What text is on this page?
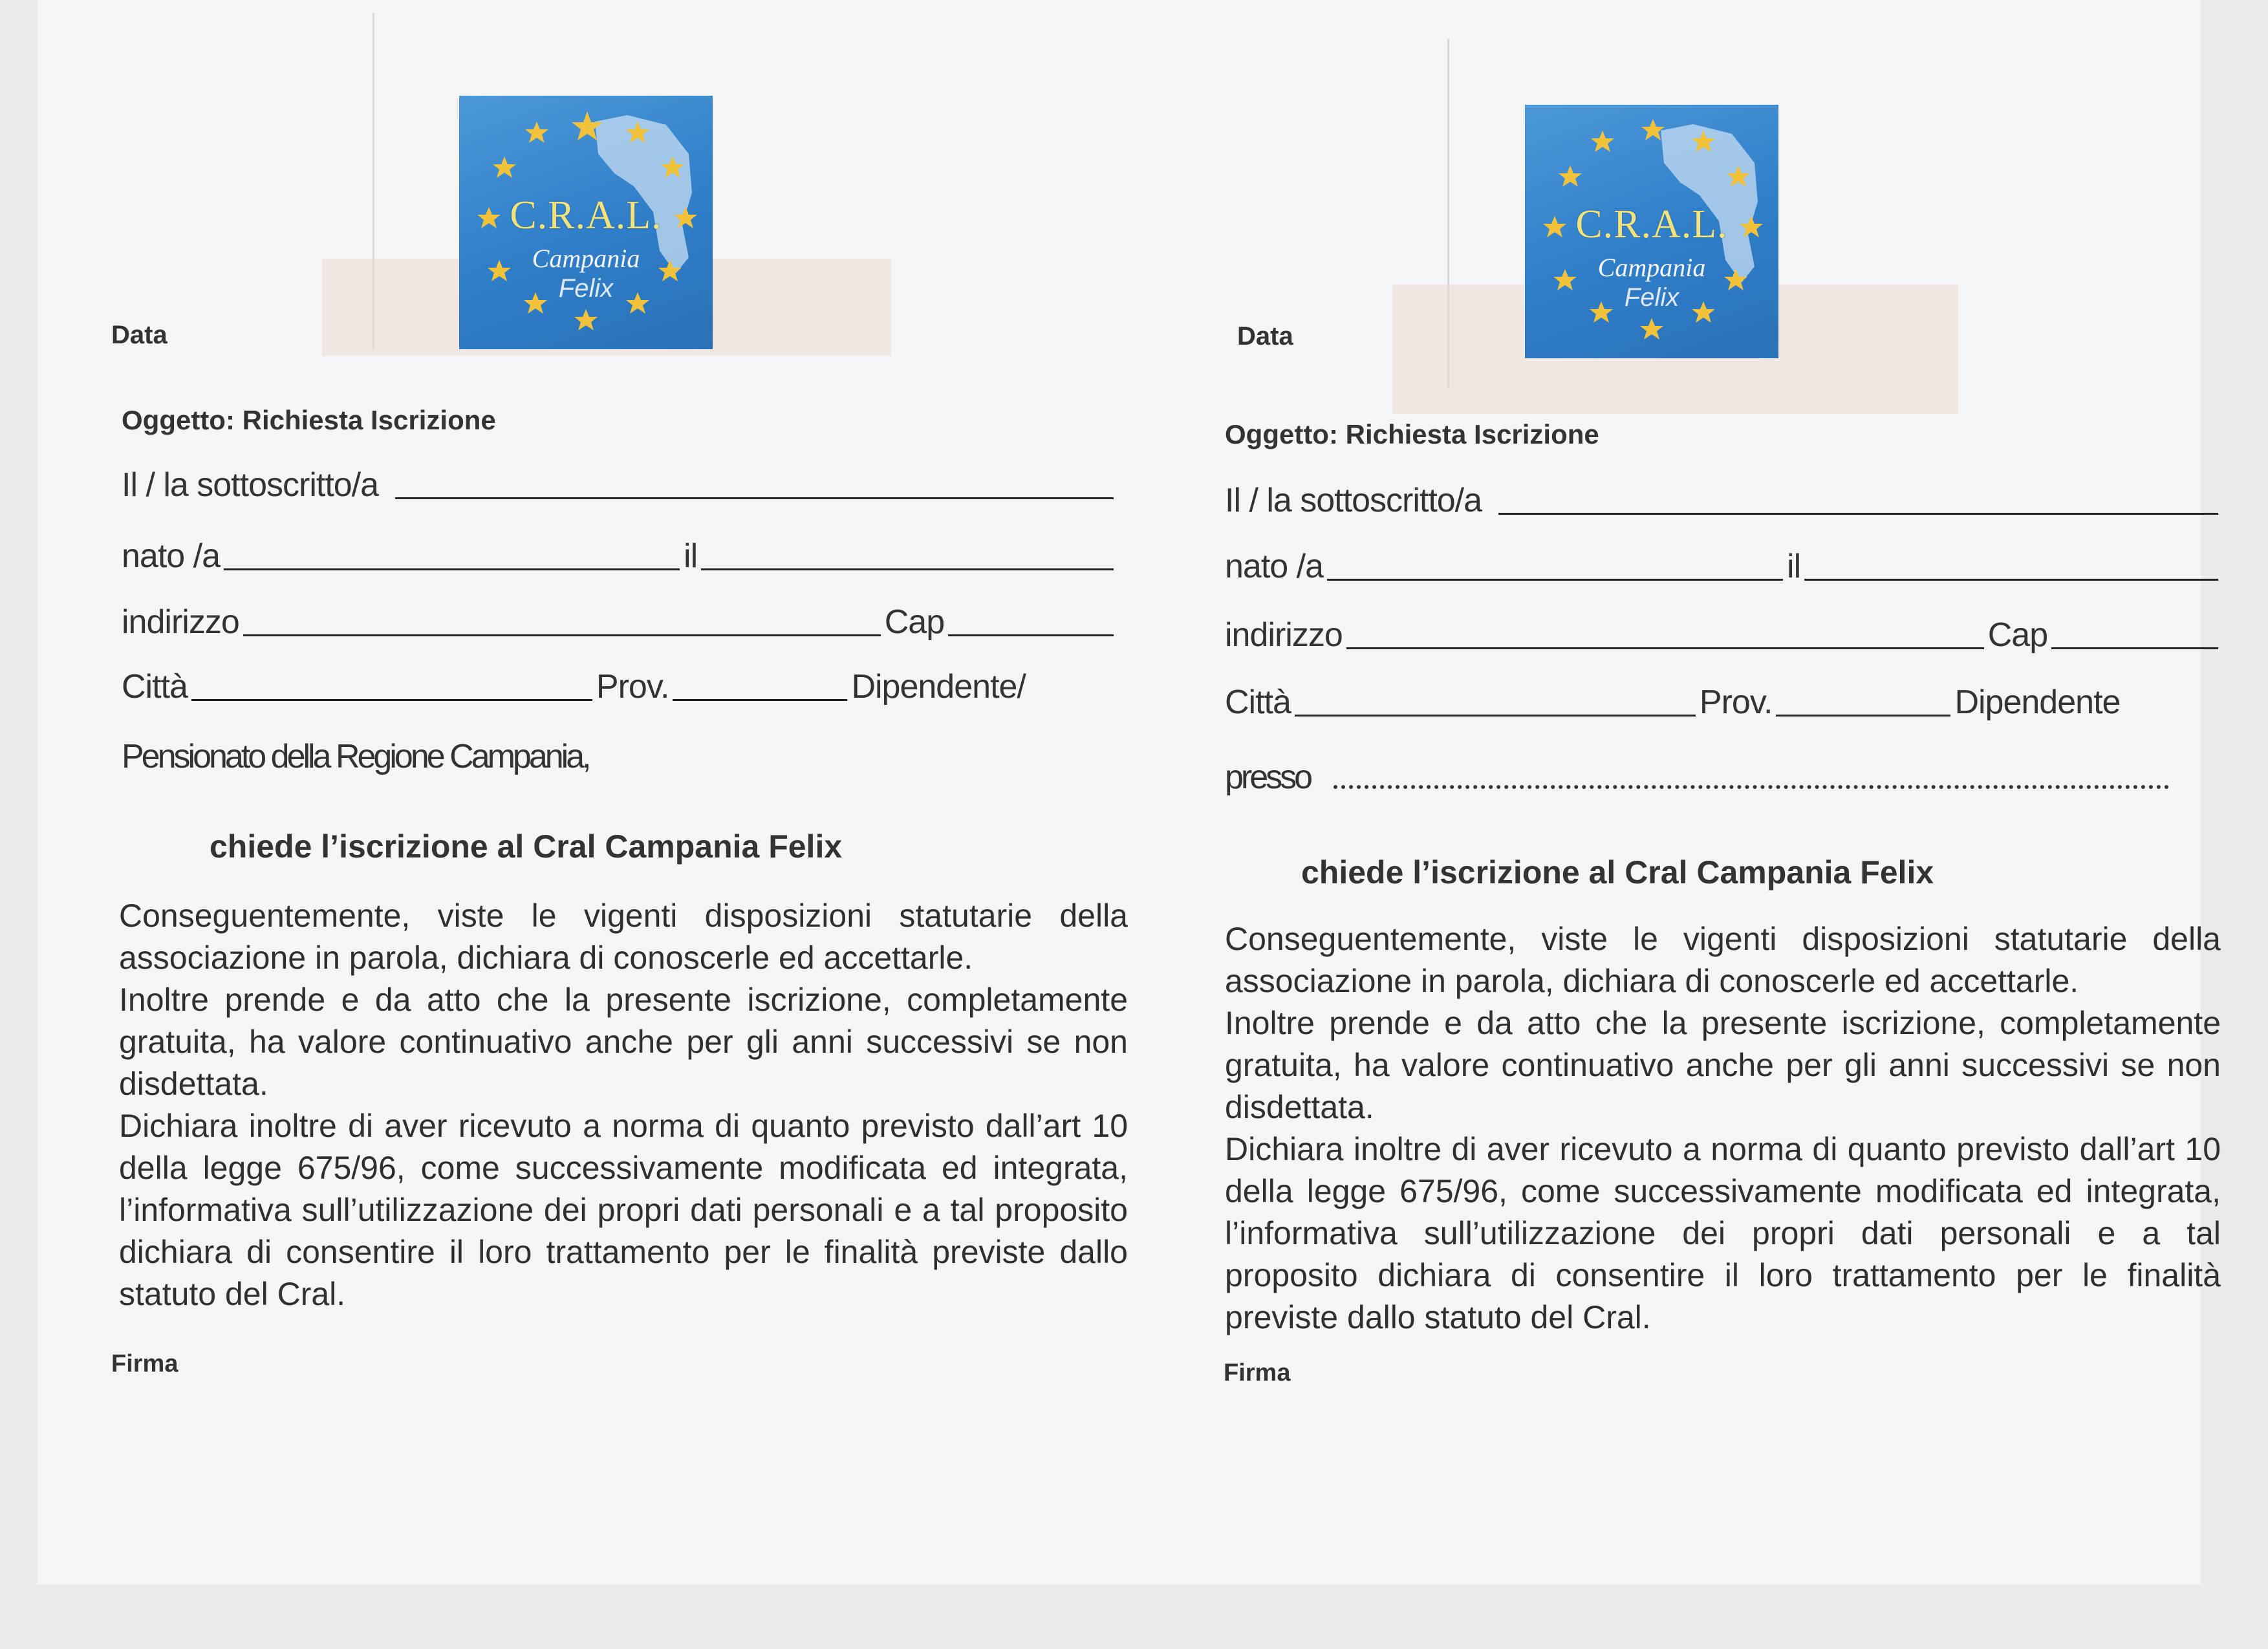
C.R.A.L.
Campania
Felix
Data
Oggetto: Richiesta Iscrizione
Il / la sottoscritto/a
nato /a	il
indirizzo	Cap
Città	Prov.	Dipendente/
Pensionato della Regione Campania,
chiede l’iscrizione al Cral Campania Felix

Conseguentemente, viste le vigenti disposizioni statutarie della associazione in parola, dichiara di conoscerle ed accettarle.

Inoltre prende e da atto che la presente iscrizione, completamente gratuita, ha valore continuativo anche per gli anni successivi se non disdettata.

Dichiara inoltre di aver ricevuto a norma di quanto previsto dall’art 10 della legge 675/96, come successivamente modificata ed integrata, l’informativa sull’utilizzazione dei propri dati personali e a tal proposito dichiara di consentire il loro trattamento per le finalità previste dallo statuto del Cral.

Firma
C.R.A.L.
Campania
Felix
Data
Oggetto: Richiesta Iscrizione
Il / la sottoscritto/a
nato /a	il
indirizzo	Cap
Città	Prov.	Dipendente
presso
chiede l’iscrizione al Cral Campania Felix

Conseguentemente, viste le vigenti disposizioni statutarie della associazione in parola, dichiara di conoscerle ed accettarle.

Inoltre prende e da atto che la presente iscrizione, completamente gratuita, ha valore continuativo anche per gli anni successivi se non disdettata.

Dichiara inoltre di aver ricevuto a norma di quanto previsto dall’art 10 della legge 675/96, come successivamente modificata ed integrata, l’informativa sull’utilizzazione dei propri dati personali e a tal proposito dichiara di consentire il loro trattamento per le finalità previste dallo statuto del Cral.

Firma
